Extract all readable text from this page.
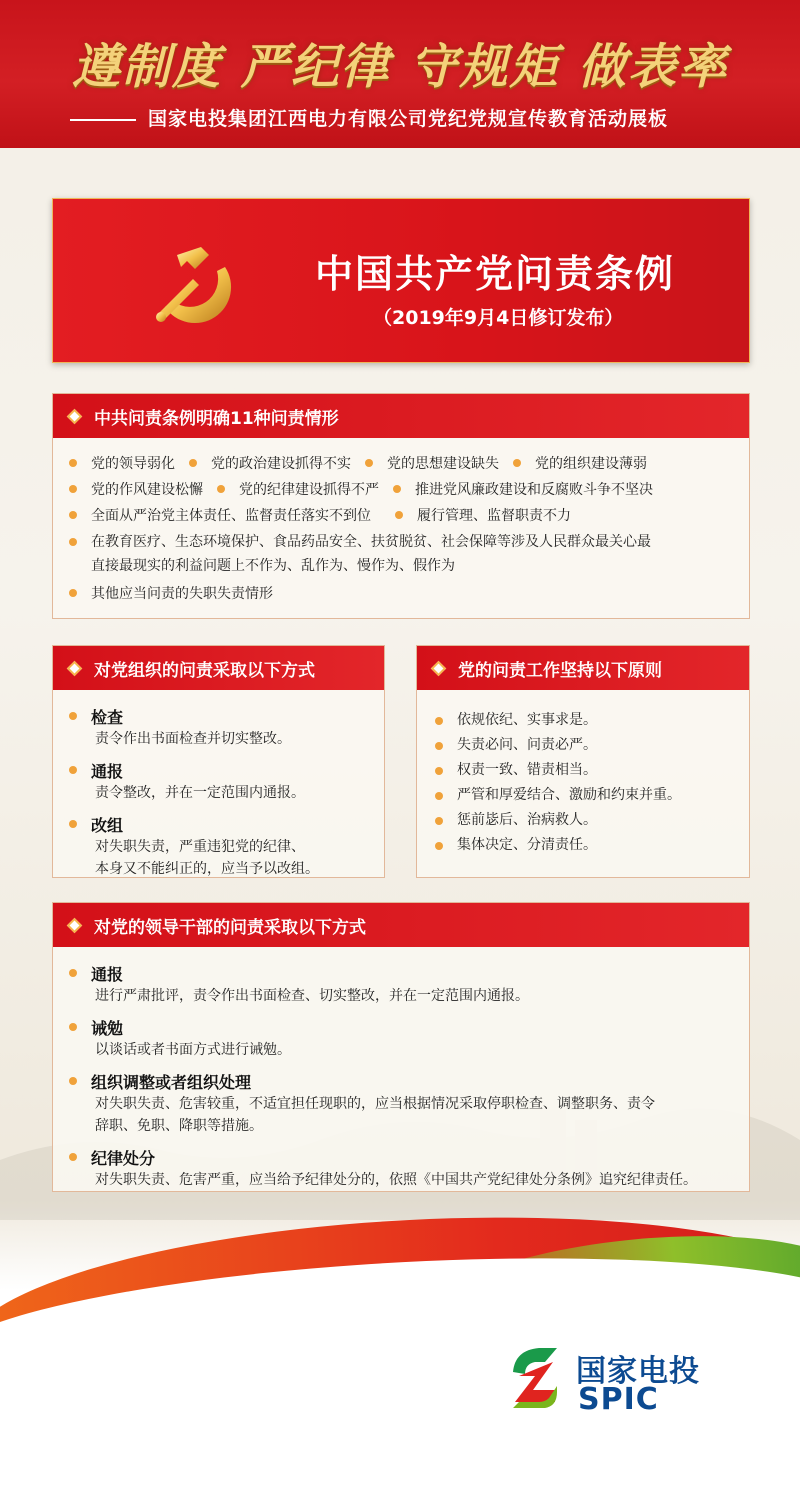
遵制度 严纪律 守规矩 做表率
国家电投集团江西电力有限公司党纪党规宣传教育活动展板
中国共产党问责条例
（2019年9月4日修订发布）
中共问责条例明确11种问责情形
党的领导弱化	党的政治建设抓得不实	党的思想建设缺失	党的组织建设薄弱
党的作风建设松懈	党的纪律建设抓得不严	推进党风廉政建设和反腐败斗争不坚决
全面从严治党主体责任、监督责任落实不到位	履行管理、监督职责不力
在教育医疗、生态环境保护、食品药品安全、扶贫脱贫、社会保障等涉及人民群众最关心最
直接最现实的利益问题上不作为、乱作为、慢作为、假作为
其他应当问责的失职失责情形
对党组织的问责采取以下方式
检查
责令作出书面检查并切实整改。
通报
责令整改，并在一定范围内通报。
改组
对失职失责，严重违犯党的纪律、
本身又不能纠正的，应当予以改组。
党的问责工作坚持以下原则
依规依纪、实事求是。
失责必问、问责必严。
权责一致、错责相当。
严管和厚爱结合、激励和约束并重。
惩前毖后、治病救人。
集体决定、分清责任。
对党的领导干部的问责采取以下方式
通报
进行严肃批评，责令作出书面检查、切实整改，并在一定范围内通报。
诫勉
以谈话或者书面方式进行诫勉。
组织调整或者组织处理
对失职失责、危害较重，不适宜担任现职的，应当根据情况采取停职检查、调整职务、责令
辞职、免职、降职等措施。
纪律处分
对失职失责、危害严重，应当给予纪律处分的，依照《中国共产党纪律处分条例》追究纪律责任。
国家电投
SPIC
